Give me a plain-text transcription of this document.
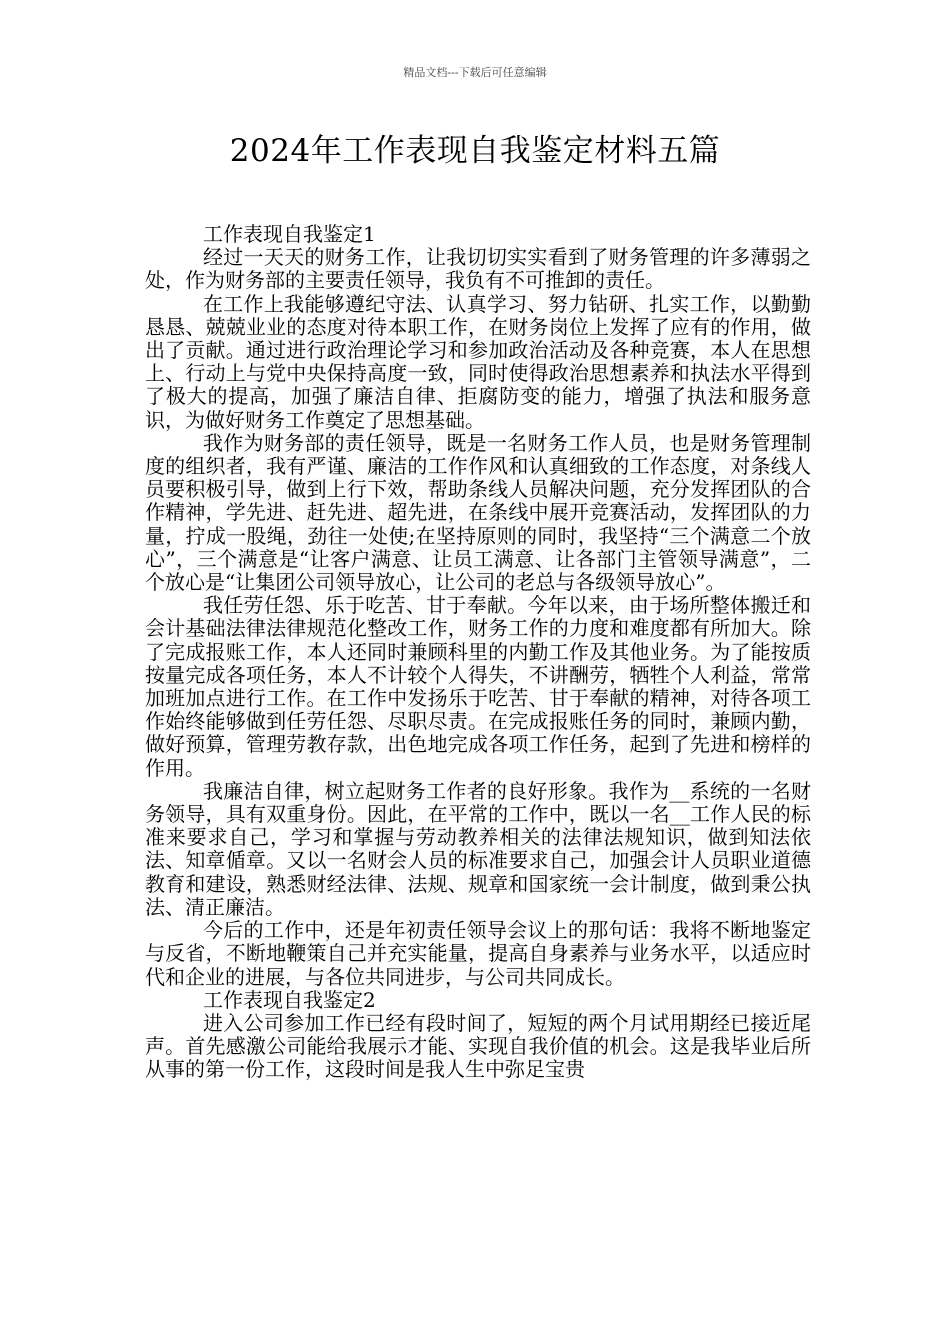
精品文档---下载后可任意编辑
2024年工作表现自我鉴定材料五篇

工作表现自我鉴定1

经过一天天的财务工作，让我切切实实看到了财务管理的许多薄弱之处，作为财务部的主要责任领导，我负有不可推卸的责任。

在工作上我能够遵纪守法、认真学习、努力钻研、扎实工作，以勤勤恳恳、兢兢业业的态度对待本职工作，在财务岗位上发挥了应有的作用，做出了贡献。通过进行政治理论学习和参加政治活动及各种竞赛，本人在思想上、行动上与党中央保持高度一致，同时使得政治思想素养和执法水平得到了极大的提高，加强了廉洁自律、拒腐防变的能力，增强了执法和服务意识，为做好财务工作奠定了思想基础。

我作为财务部的责任领导，既是一名财务工作人员，也是财务管理制度的组织者，我有严谨、廉洁的工作作风和认真细致的工作态度，对条线人员要积极引导，做到上行下效，帮助条线人员解决问题，充分发挥团队的合作精神，学先进、赶先进、超先进，在条线中展开竞赛活动，发挥团队的力量，拧成一股绳，劲往一处使;在坚持原则的同时，我坚持“三个满意二个放心”，三个满意是“让客户满意、让员工满意、让各部门主管领导满意”，二个放心是“让集团公司领导放心，让公司的老总与各级领导放心”。

我任劳任怨、乐于吃苦、甘于奉献。今年以来，由于场所整体搬迁和会计基础法律法律规范化整改工作，财务工作的力度和难度都有所加大。除了完成报账工作，本人还同时兼顾科里的内勤工作及其他业务。为了能按质按量完成各项任务，本人不计较个人得失，不讲酬劳，牺牲个人利益，常常加班加点进行工作。在工作中发扬乐于吃苦、甘于奉献的精神，对待各项工作始终能够做到任劳任怨、尽职尽责。在完成报账任务的同时，兼顾内勤，做好预算，管理劳教存款，出色地完成各项工作任务，起到了先进和榜样的作用。

我廉洁自律，树立起财务工作者的良好形象。我作为__系统的一名财务领导，具有双重身份。因此，在平常的工作中，既以一名__工作人民的标准来要求自己，学习和掌握与劳动教养相关的法律法规知识，做到知法依法、知章偱章。又以一名财会人员的标准要求自己，加强会计人员职业道德教育和建设，熟悉财经法律、法规、规章和国家统一会计制度，做到秉公执法、清正廉洁。

今后的工作中，还是年初责任领导会议上的那句话：我将不断地鉴定与反省，不断地鞭策自己并充实能量，提高自身素养与业务水平，以适应时代和企业的进展，与各位共同进步，与公司共同成长。

工作表现自我鉴定2

进入公司参加工作已经有段时间了，短短的两个月试用期经已接近尾声。首先感激公司能给我展示才能、实现自我价值的机会。这是我毕业后所从事的第一份工作，这段时间是我人生中弥足宝贵
